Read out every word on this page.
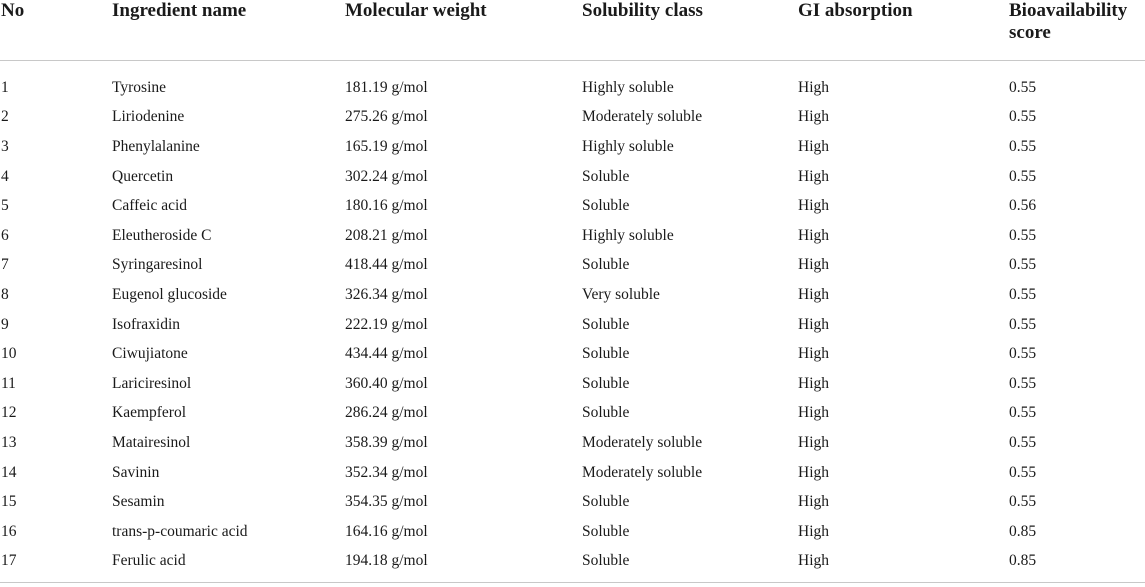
No	Ingredient name	Molecular weight	Solubility class	GI absorption	Bioavailability score
1	Tyrosine	181.19 g/mol	Highly soluble	High	0.55
2	Liriodenine	275.26 g/mol	Moderately soluble	High	0.55
3	Phenylalanine	165.19 g/mol	Highly soluble	High	0.55
4	Quercetin	302.24 g/mol	Soluble	High	0.55
5	Caffeic acid	180.16 g/mol	Soluble	High	0.56
6	Eleutheroside C	208.21 g/mol	Highly soluble	High	0.55
7	Syringaresinol	418.44 g/mol	Soluble	High	0.55
8	Eugenol glucoside	326.34 g/mol	Very soluble	High	0.55
9	Isofraxidin	222.19 g/mol	Soluble	High	0.55
10	Ciwujiatone	434.44 g/mol	Soluble	High	0.55
11	Lariciresinol	360.40 g/mol	Soluble	High	0.55
12	Kaempferol	286.24 g/mol	Soluble	High	0.55
13	Matairesinol	358.39 g/mol	Moderately soluble	High	0.55
14	Savinin	352.34 g/mol	Moderately soluble	High	0.55
15	Sesamin	354.35 g/mol	Soluble	High	0.55
16	trans-p-coumaric acid	164.16 g/mol	Soluble	High	0.85
17	Ferulic acid	194.18 g/mol	Soluble	High	0.85
